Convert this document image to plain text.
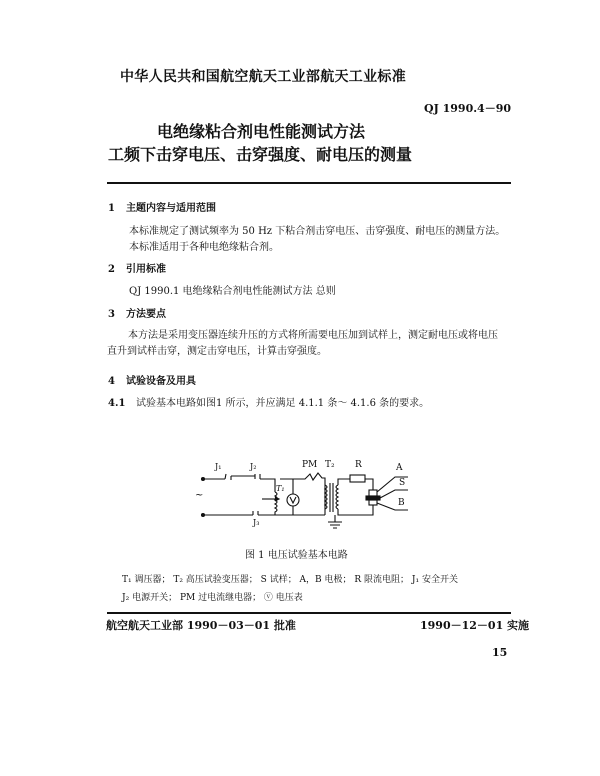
中华人民共和国航空航天工业部航天工业标准
QJ 1990.4－90
电绝缘粘合剂电性能测试方法
工频下击穿电压、击穿强度、耐电压的测量
1 主题内容与适用范围
本标准规定了测试频率为 50 Hz 下粘合剂击穿电压、击穿强度、耐电压的测量方法。
本标准适用于各种电绝缘粘合剂。
2 引用标准
QJ 1990.1 电绝缘粘合剂电性能测试方法 总则
3 方法要点
本方法是采用变压器连续升压的方式将所需要电压加到试样上，测定耐电压或将电压
直升到试样击穿，测定击穿电压，计算击穿强度。
4 试验设备及用具
4.1 试验基本电路如图1 所示，并应满足 4.1.1 条～ 4.1.6 条的要求。
J₁	J₂
J₃
~
T₁
PM T₂ R	A
S
B
图 1 电压试验基本电路
T₁ 调压器； T₂ 高压试验变压器； S 试样； A，B 电极； R 限流电阻； J₁ 安全开关
J₂ 电源开关； PM 过电流继电器； ⓥ 电压表
航空航天工业部 1990－03－01 批准	1990－12－01 实施
15
